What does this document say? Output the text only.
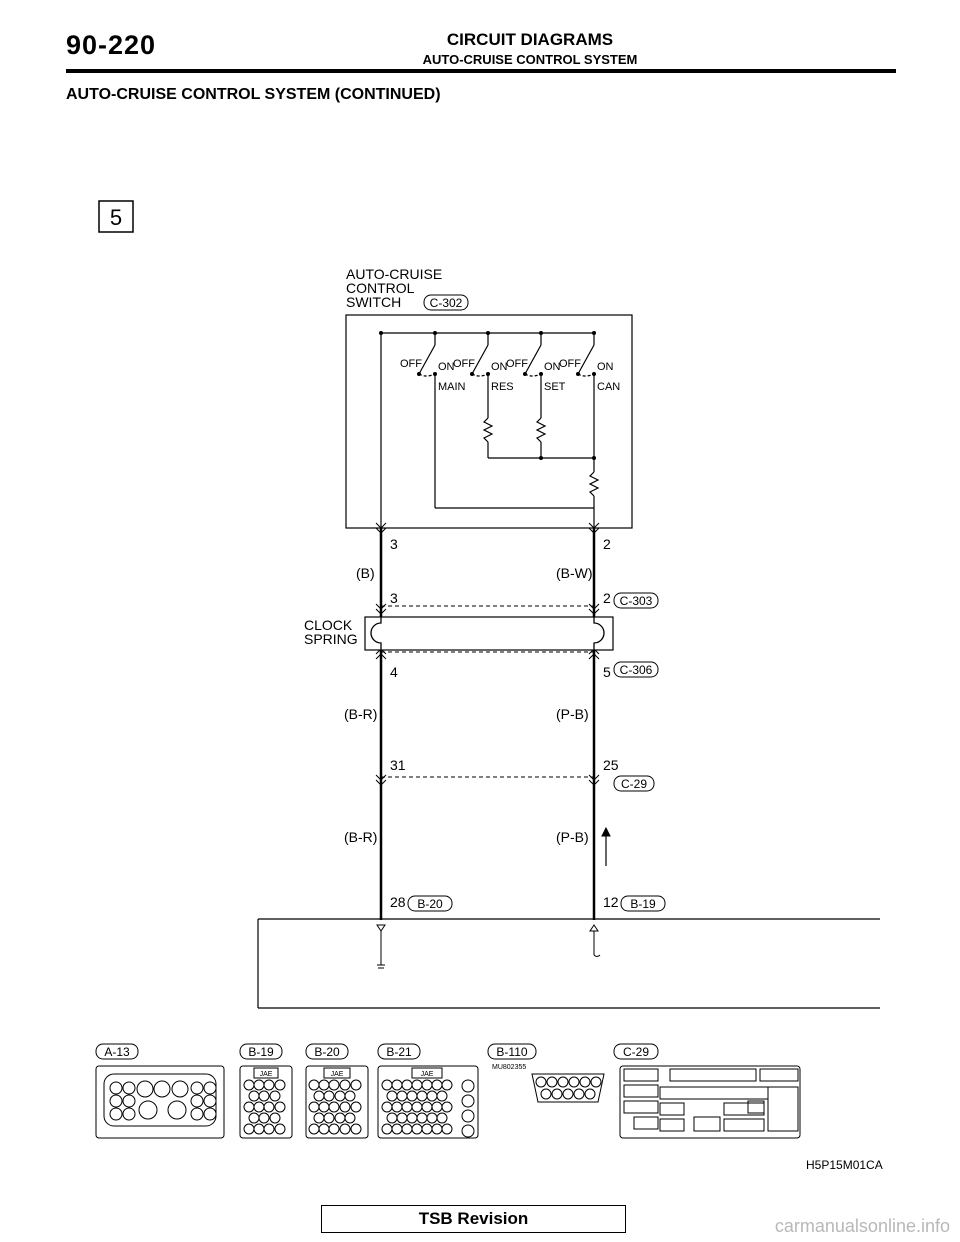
90-220	CIRCUIT DIAGRAMS
AUTO-CRUISE CONTROL SYSTEM
AUTO-CRUISE CONTROL SYSTEM (CONTINUED)
5
AUTO-CRUISE
CONTROL
SWITCH C-302
OFF ON
MAIN
OFF ON
RES
OFF ON
SET
OFF ON
CAN
3	2
(B)	(B-W)
3	2 C-303
CLOCK
SPRING
4	5 C-306
(B-R)	(P-B)
31	25
C-29
(B-R)	(P-B)
28 B-20	12 B-19
A-13	B-19	B-20	B-21	B-110	C-29
JAE	JAE	JAE
MU802355
H5P15M01CA
TSB Revision	carmanualsonline.info
